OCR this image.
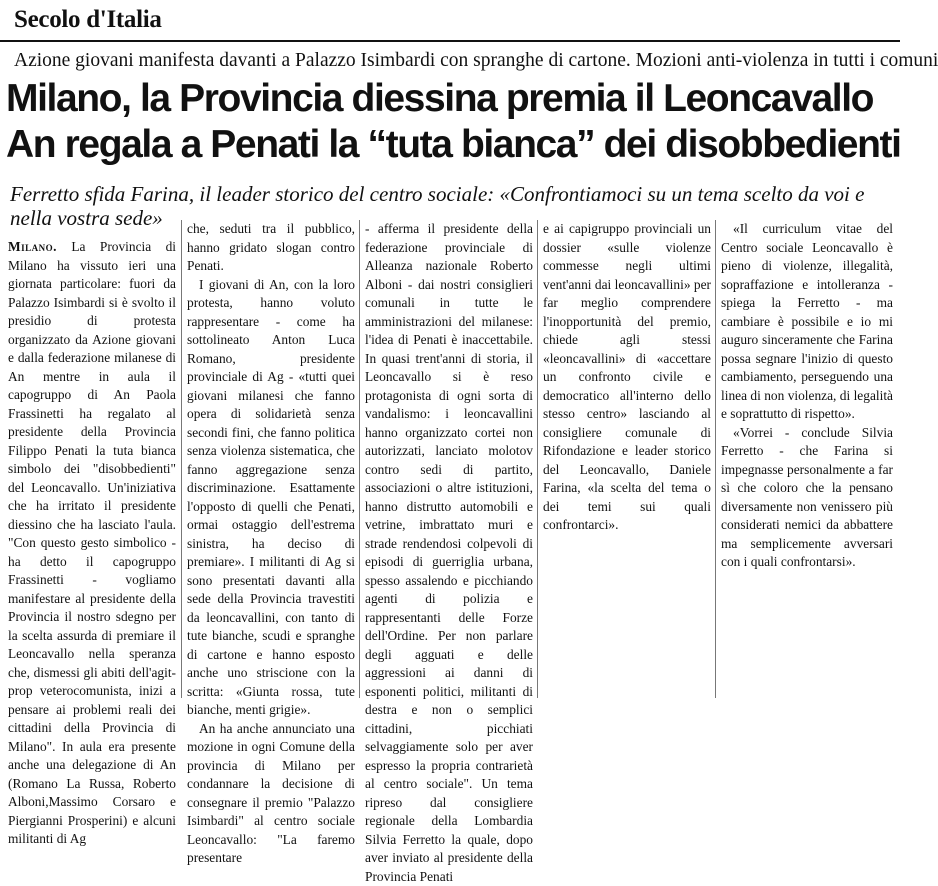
Secolo d'Italia
Azione giovani manifesta davanti a Palazzo Isimbardi con spranghe di cartone. Mozioni anti-violenza in tutti i comuni
Milano, la Provincia diessina premia il Leoncavallo
An regala a Penati la “tuta bianca” dei disobbedienti
Ferretto sfida Farina, il leader storico del centro sociale: «Confrontiamoci su un tema scelto da voi e nella vostra sede»

Milano. La Provincia di Milano ha vissuto ieri una giornata particolare: fuori da Palazzo Isimbardi si è svolto il presidio di protesta organizzato da Azione giovani e dalla federazione milanese di An mentre in aula il capogruppo di An Paola Frassinetti ha regalato al presidente della Provincia Filippo Penati la tuta bianca simbolo dei "disobbedienti" del Leoncavallo. Un'iniziativa che ha irritato il presidente diessino che ha lasciato l'aula. "Con questo gesto simbolico - ha detto il capogruppo Frassinetti - vogliamo manifestare al presidente della Provincia il nostro sdegno per la scelta assurda di premiare il Leoncavallo nella speranza che, dismessi gli abiti dell'agit-prop veterocomunista, inizi a pensare ai problemi reali dei cittadini della Provincia di Milano". In aula era presente anche una delegazione di An (Romano La Russa, Roberto Alboni,Massimo Corsaro e Piergianni Prosperini) e alcuni militanti di Ag

che, seduti tra il pubblico, hanno gridato slogan contro Penati.

I giovani di An, con la loro protesta, hanno voluto rappresentare - come ha sottolineato Anton Luca Romano, presidente provinciale di Ag - «tutti quei giovani milanesi che fanno opera di solidarietà senza secondi fini, che fanno politica senza violenza sistematica, che fanno aggregazione senza discriminazione. Esattamente l'opposto di quelli che Penati, ormai ostaggio dell'estrema sinistra, ha deciso di premiare». I militanti di Ag si sono presentati davanti alla sede della Provincia travestiti da leoncavallini, con tanto di tute bianche, scudi e spranghe di cartone e hanno esposto anche uno striscione con la scritta: «Giunta rossa, tute bianche, menti grigie».

An ha anche annunciato una mozione in ogni Comune della provincia di Milano per condannare la decisione di consegnare il premio "Palazzo Isimbardi" al centro sociale Leoncavallo: "La faremo presentare

- afferma il presidente della federazione provinciale di Alleanza nazionale Roberto Alboni - dai nostri consiglieri comunali in tutte le amministrazioni del milanese: l'idea di Penati è inaccettabile. In quasi trent'anni di storia, il Leoncavallo si è reso protagonista di ogni sorta di vandalismo: i leoncavallini hanno organizzato cortei non autorizzati, lanciato molotov contro sedi di partito, associazioni o altre istituzioni, hanno distrutto automobili e vetrine, imbrattato muri e strade rendendosi colpevoli di episodi di guerriglia urbana, spesso assalendo e picchiando agenti di polizia e rappresentanti delle Forze dell'Ordine. Per non parlare degli agguati e delle aggressioni ai danni di esponenti politici, militanti di destra e non o semplici cittadini, picchiati selvaggiamente solo per aver espresso la propria contrarietà al centro sociale". Un tema ripreso dal consigliere regionale della Lombardia Silvia Ferretto la quale, dopo aver inviato al presidente della Provincia Penati

e ai capigruppo provinciali un dossier «sulle violenze commesse negli ultimi vent'anni dai leoncavallini» per far meglio comprendere l'inopportunità del premio, chiede agli stessi «leoncavallini» di «accettare un confronto civile e democratico all'interno dello stesso centro» lasciando al consigliere comunale di Rifondazione e leader storico del Leoncavallo, Daniele Farina, «la scelta del tema o dei temi sui quali confrontarci».

«Il curriculum vitae del Centro sociale Leoncavallo è pieno di violenze, illegalità, sopraffazione e intolleranza - spiega la Ferretto - ma cambiare è possibile e io mi auguro sinceramente che Farina possa segnare l'inizio di questo cambiamento, perseguendo una linea di non violenza, di legalità e soprattutto di rispetto».

«Vorrei - conclude Silvia Ferretto - che Farina si impegnasse personalmente a far sì che coloro che la pensano diversamente non venissero più considerati nemici da abbattere ma semplicemente avversari con i quali confrontarsi».
